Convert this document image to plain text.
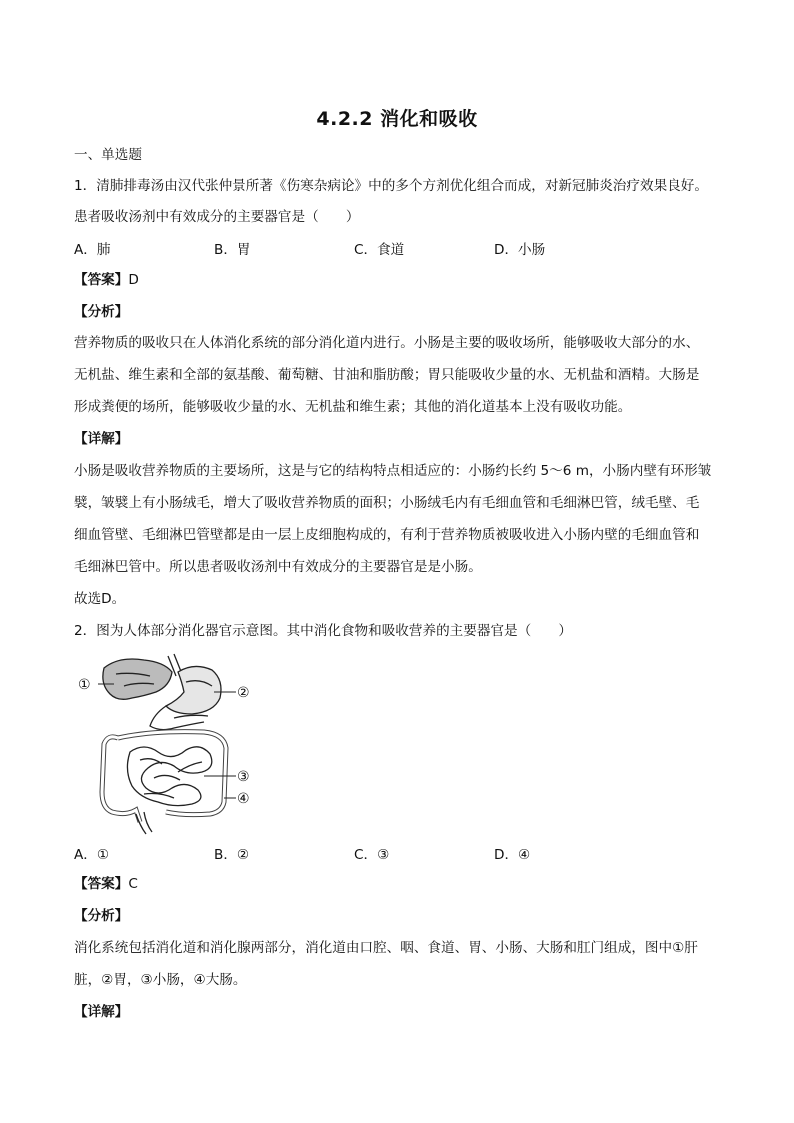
4.2.2 消化和吸收
一、单选题
1．清肺排毒汤由汉代张仲景所著《伤寒杂病论》中的多个方剂优化组合而成，对新冠肺炎治疗效果良好。
患者吸收汤剂中有效成分的主要器官是（　　）
A．肺	B．胃	C．食道	D．小肠
【答案】D
【分析】
营养物质的吸收只在人体消化系统的部分消化道内进行。小肠是主要的吸收场所，能够吸收大部分的水、
无机盐、维生素和全部的氨基酸、葡萄糖、甘油和脂肪酸；胃只能吸收少量的水、无机盐和酒精。大肠是
形成粪便的场所，能够吸收少量的水、无机盐和维生素；其他的消化道基本上没有吸收功能。
【详解】
小肠是吸收营养物质的主要场所，这是与它的结构特点相适应的：小肠约长约 5～6 m，小肠内壁有环形皱
襞，皱襞上有小肠绒毛，增大了吸收营养物质的面积；小肠绒毛内有毛细血管和毛细淋巴管，绒毛壁、毛
细血管壁、毛细淋巴管壁都是由一层上皮细胞构成的，有利于营养物质被吸收进入小肠内壁的毛细血管和
毛细淋巴管中。所以患者吸收汤剂中有效成分的主要器官是是小肠。
故选D。
2．图为人体部分消化器官示意图。其中消化食物和吸收营养的主要器官是（　　）
①	②
③
④
A．①	B．②	C．③	D．④
【答案】C
【分析】
消化系统包括消化道和消化腺两部分，消化道由口腔、咽、食道、胃、小肠、大肠和肛门组成，图中①肝
脏，②胃，③小肠，④大肠。
【详解】
